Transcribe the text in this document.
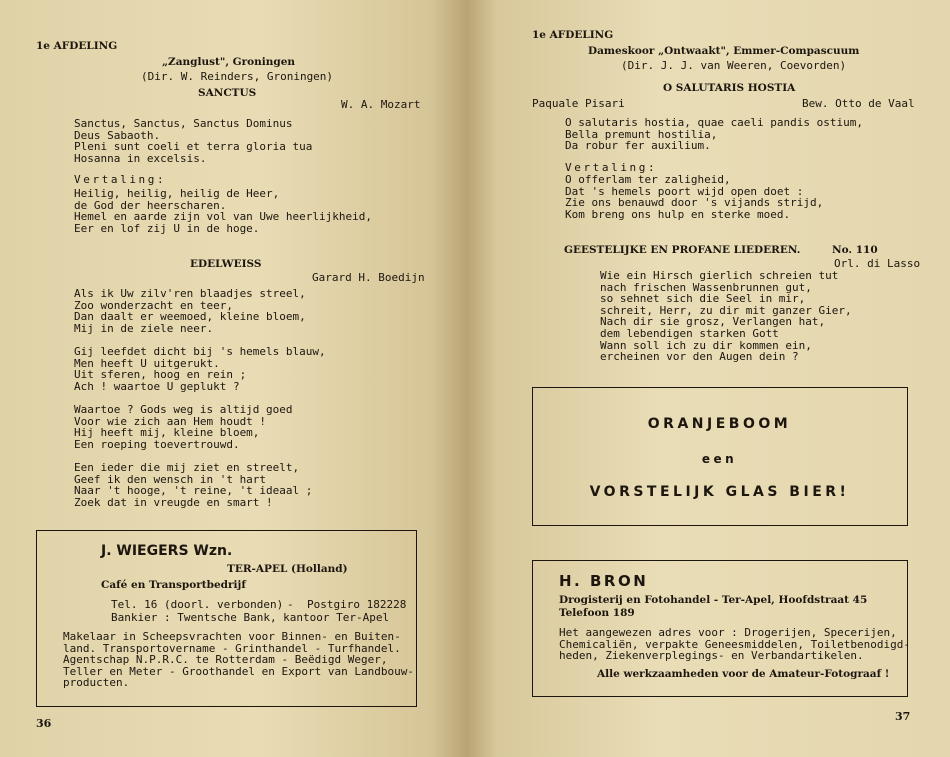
1e AFDELING
„Zanglust", Groningen
(Dir. W. Reinders, Groningen)
SANCTUS
W. A. Mozart
Sanctus, Sanctus, Sanctus Dominus
Deus Sabaoth.
Pleni sunt coeli et terra gloria tua
Hosanna in excelsis.
Vertaling:
Heilig, heilig, heilig de Heer,
de God der heerscharen.
Hemel en aarde zijn vol van Uwe heerlijkheid,
Eer en lof zij U in de hoge.
EDELWEISS
Garard H. Boedijn
Als ik Uw zilv'ren blaadjes streel,
Zoo wonderzacht en teer,
Dan daalt er weemoed, kleine bloem,
Mij in de ziele neer.
Gij leefdet dicht bij 's hemels blauw,
Men heeft U uitgerukt.
Uit sferen, hoog en rein ;
Ach ! waartoe U geplukt ?
Waartoe ? Gods weg is altijd goed
Voor wie zich aan Hem houdt !
Hij heeft mij, kleine bloem,
Een roeping toevertrouwd.
Een ieder die mij ziet en streelt,
Geef ik den wensch in 't hart
Naar 't hooge, 't reine, 't ideaal ;
Zoek dat in vreugde en smart !
J. WIEGERS Wzn.
TER-APEL (Holland)
Café en Transportbedrijf
Tel. 16 (doorl. verbonden) - Postgiro 182228
Bankier : Twentsche Bank, kantoor Ter-Apel
Makelaar in Scheepsvrachten voor Binnen- en Buiten-
land. Transportovername - Grinthandel - Turfhandel.
Agentschap N.P.R.C. te Rotterdam - Beëdigd Weger,
Teller en Meter - Groothandel en Export van Landbouw-
producten.
36
1e AFDELING
Dameskoor „Ontwaakt", Emmer-Compascuum
(Dir. J. J. van Weeren, Coevorden)
O SALUTARIS HOSTIA
Paquale Pisari	Bew. Otto de Vaal
O salutaris hostia, quae caeli pandis ostium,
Bella premunt hostilia,
Da robur fer auxilium.
Vertaling:
O offerlam ter zaligheid,
Dat 's hemels poort wijd open doet :
Zie ons benauwd door 's vijands strijd,
Kom breng ons hulp en sterke moed.
GEESTELIJKE EN PROFANE LIEDEREN.	No. 110
Orl. di Lasso
Wie ein Hirsch gierlich schreien tut
nach frischen Wassenbrunnen gut,
so sehnet sich die Seel in mir,
schreit, Herr, zu dir mit ganzer Gier,
Nach dir sie grosz, Verlangen hat,
dem lebendigen starken Gott
Wann soll ich zu dir kommen ein,
ercheinen vor den Augen dein ?
ORANJEBOOM
een
VORSTELIJK GLAS BIER!
H. BRON
Drogisterij en Fotohandel - Ter-Apel, Hoofdstraat 45
Telefoon 189
Het aangewezen adres voor : Drogerijen, Specerijen,
Chemicaliën, verpakte Geneesmiddelen, Toiletbenodigd-
heden, Ziekenverplegings- en Verbandartikelen.
Alle werkzaamheden voor de Amateur-Fotograaf !
37
